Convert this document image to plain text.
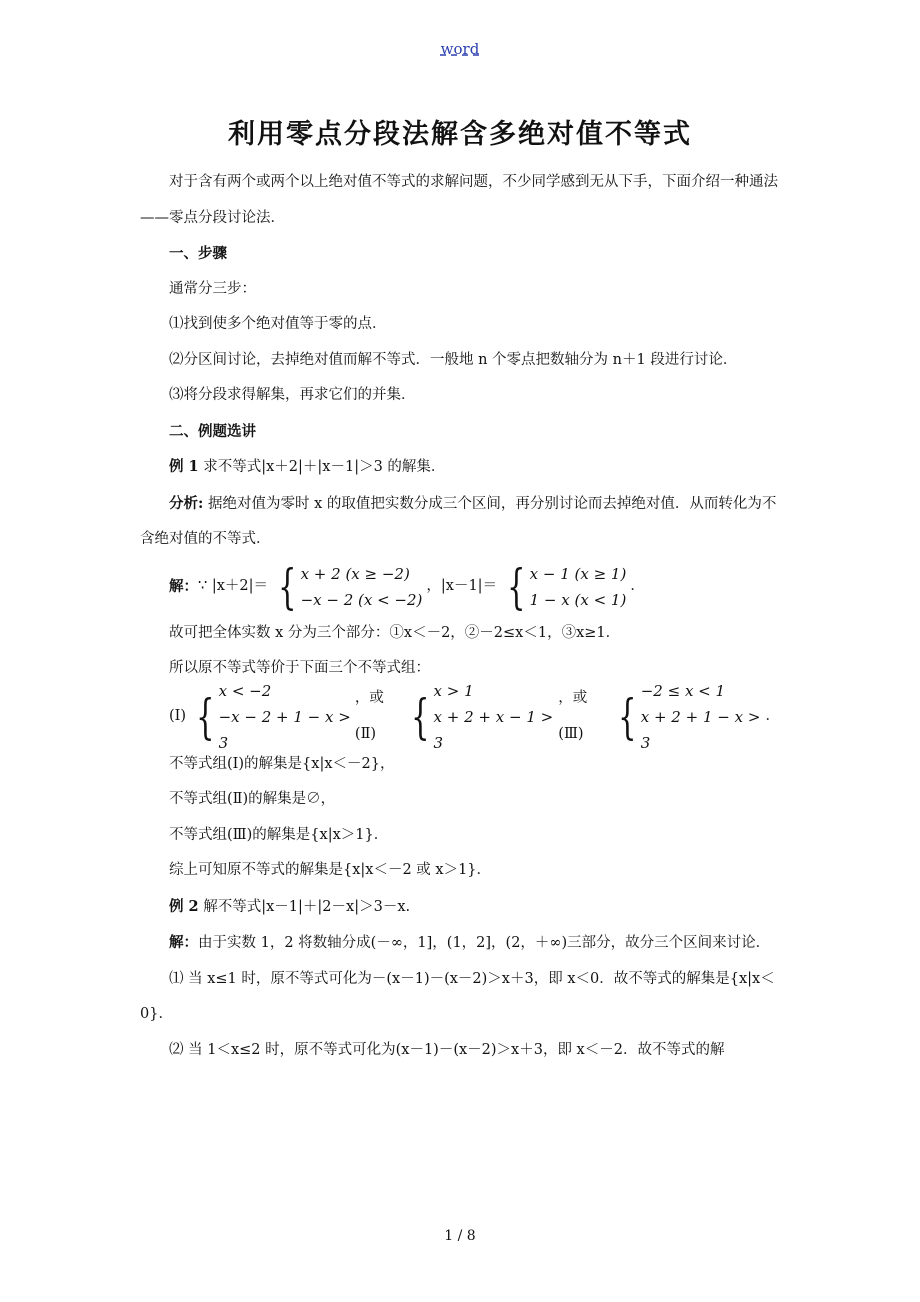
word
利用零点分段法解含多绝对值不等式

对于含有两个或两个以上绝对值不等式的求解问题，不少同学感到无从下手，下面介绍一种通法——零点分段讨论法．

一、步骤

通常分三步：

⑴找到使多个绝对值等于零的点．

⑵分区间讨论，去掉绝对值而解不等式．一般地 n 个零点把数轴分为 n＋1 段进行讨论．

⑶将分段求得解集，再求它们的并集．

二、例题选讲

例 1 求不等式|x＋2|＋|x－1|＞3 的解集．

分析: 据绝对值为零时 x 的取值把实数分成三个区间，再分别讨论而去掉绝对值．从而转化为不含绝对值的不等式．

解： ∵ |x＋2|＝ { x + 2 (x ≥ −2)
−x − 2 (x < −2)
，|x－1|＝ { x − 1 (x ≥ 1)
1 − x (x < 1)
．

故可把全体实数 x 分为三个部分：①x＜－2，②－2≤x＜1，③x≥1．

所以原不等式等价于下面三个不等式组：

(Ⅰ) { x < −2
−x − 2 + 1 − x > 3
，或(Ⅱ) { x > 1
x + 2 + x − 1 > 3
，或(Ⅲ) { −2 ≤ x < 1
x + 2 + 1 − x > 3
．

不等式组(Ⅰ)的解集是{x|x＜－2}，

不等式组(Ⅱ)的解集是∅，

不等式组(Ⅲ)的解集是{x|x＞1}．

综上可知原不等式的解集是{x|x＜－2 或 x＞1}．

例 2 解不等式|x－1|＋|2－x|＞3－x.

解：由于实数 1，2 将数轴分成(－∞，1]，(1，2]，(2，＋∞)三部分，故分三个区间来讨论．

⑴ 当 x≤1 时，原不等式可化为－(x－1)－(x－2)＞x＋3，即 x＜0．故不等式的解集是{x|x＜0}．

⑵ 当 1＜x≤2 时，原不等式可化为(x－1)－(x－2)＞x＋3，即 x＜－2．故不等式的解

1 / 8
